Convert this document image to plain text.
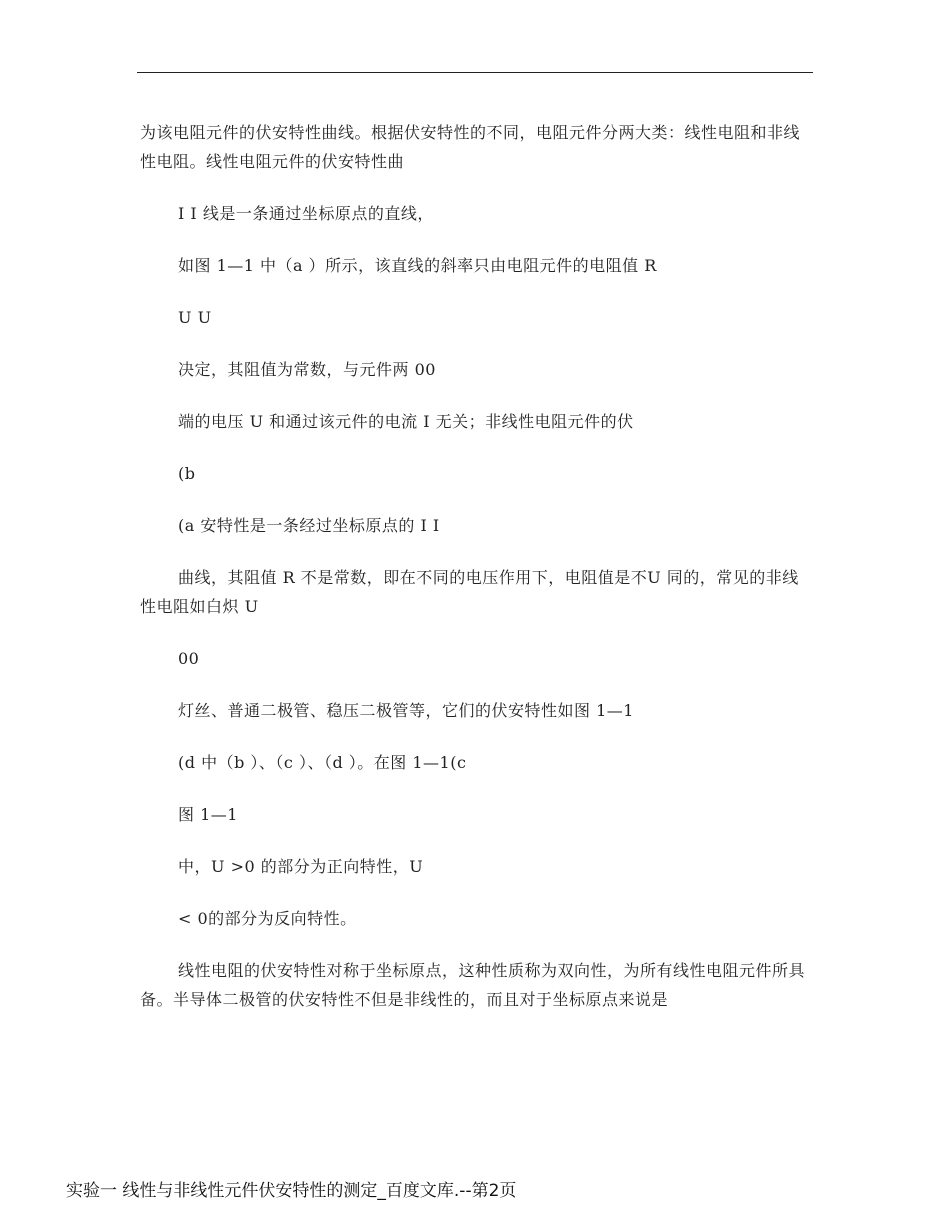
为该电阻元件的伏安特性曲线。根据伏安特性的不同，电阻元件分两大类：线性电阻和非线性电阻。线性电阻元件的伏安特性曲

I I 线是一条通过坐标原点的直线，

如图 1—1 中（a ）所示，该直线的斜率只由电阻元件的电阻值 R

U U

决定，其阻值为常数，与元件两 00

端的电压 U 和通过该元件的电流 I 无关；非线性电阻元件的伏

(b

(a 安特性是一条经过坐标原点的 I I

曲线，其阻值 R 不是常数，即在不同的电压作用下，电阻值是不U 同的，常见的非线性电阻如白炽 U

00

灯丝、普通二极管、稳压二极管等，它们的伏安特性如图 1—1

(d 中（b ）、（c ）、（d ）。在图 1—1(c

图 1—1

中，U >0 的部分为正向特性，U

< 0的部分为反向特性。

线性电阻的伏安特性对称于坐标原点，这种性质称为双向性，为所有线性电阻元件所具备。半导体二极管的伏安特性不但是非线性的，而且对于坐标原点来说是

实验一 线性与非线性元件伏安特性的测定_百度文库.--第2页
